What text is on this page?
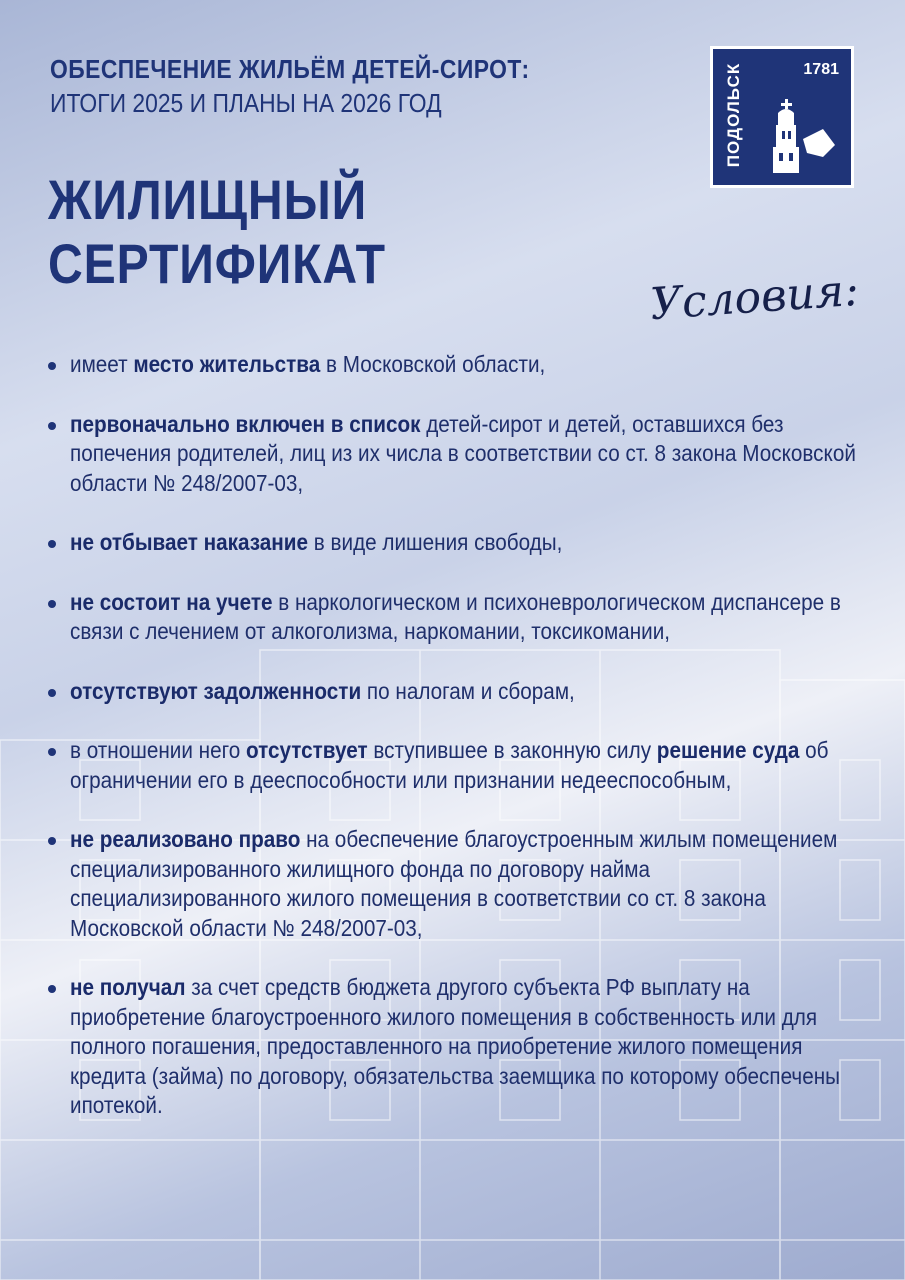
ОБЕСПЕЧЕНИЕ ЖИЛЬЁМ ДЕТЕЙ-СИРОТ:
ИТОГИ 2025 И ПЛАНЫ НА 2026 ГОД
ЖИЛИЩНЫЙ
СЕРТИФИКАТ
1781
ПОДОЛЬСК
Условия:
имеет место жительства в Московской области,
первоначально включен в список детей-сирот и детей, оставшихся без попечения родителей, лиц из их числа в соответствии со ст. 8 закона Московской области № 248/2007-03,
не отбывает наказание в виде лишения свободы,
не состоит на учете в наркологическом и психоневрологическом диспансере в связи с лечением от алкоголизма, наркомании, токсикомании,
отсутствуют задолженности по налогам и сборам,
в отношении него отсутствует вступившее в законную силу решение суда об ограничении его в дееспособности или признании недееспособным,
не реализовано право на обеспечение благоустроенным жилым помещением специализированного жилищного фонда по договору найма специализированного жилого помещения в соответствии со ст. 8 закона Московской области № 248/2007-03,
не получал за счет средств бюджета другого субъекта РФ выплату на приобретение благоустроенного жилого помещения в собственность или для полного погашения, предоставленного на приобретение жилого помещения кредита (займа) по договору, обязательства заемщика по которому обеспечены ипотекой.
